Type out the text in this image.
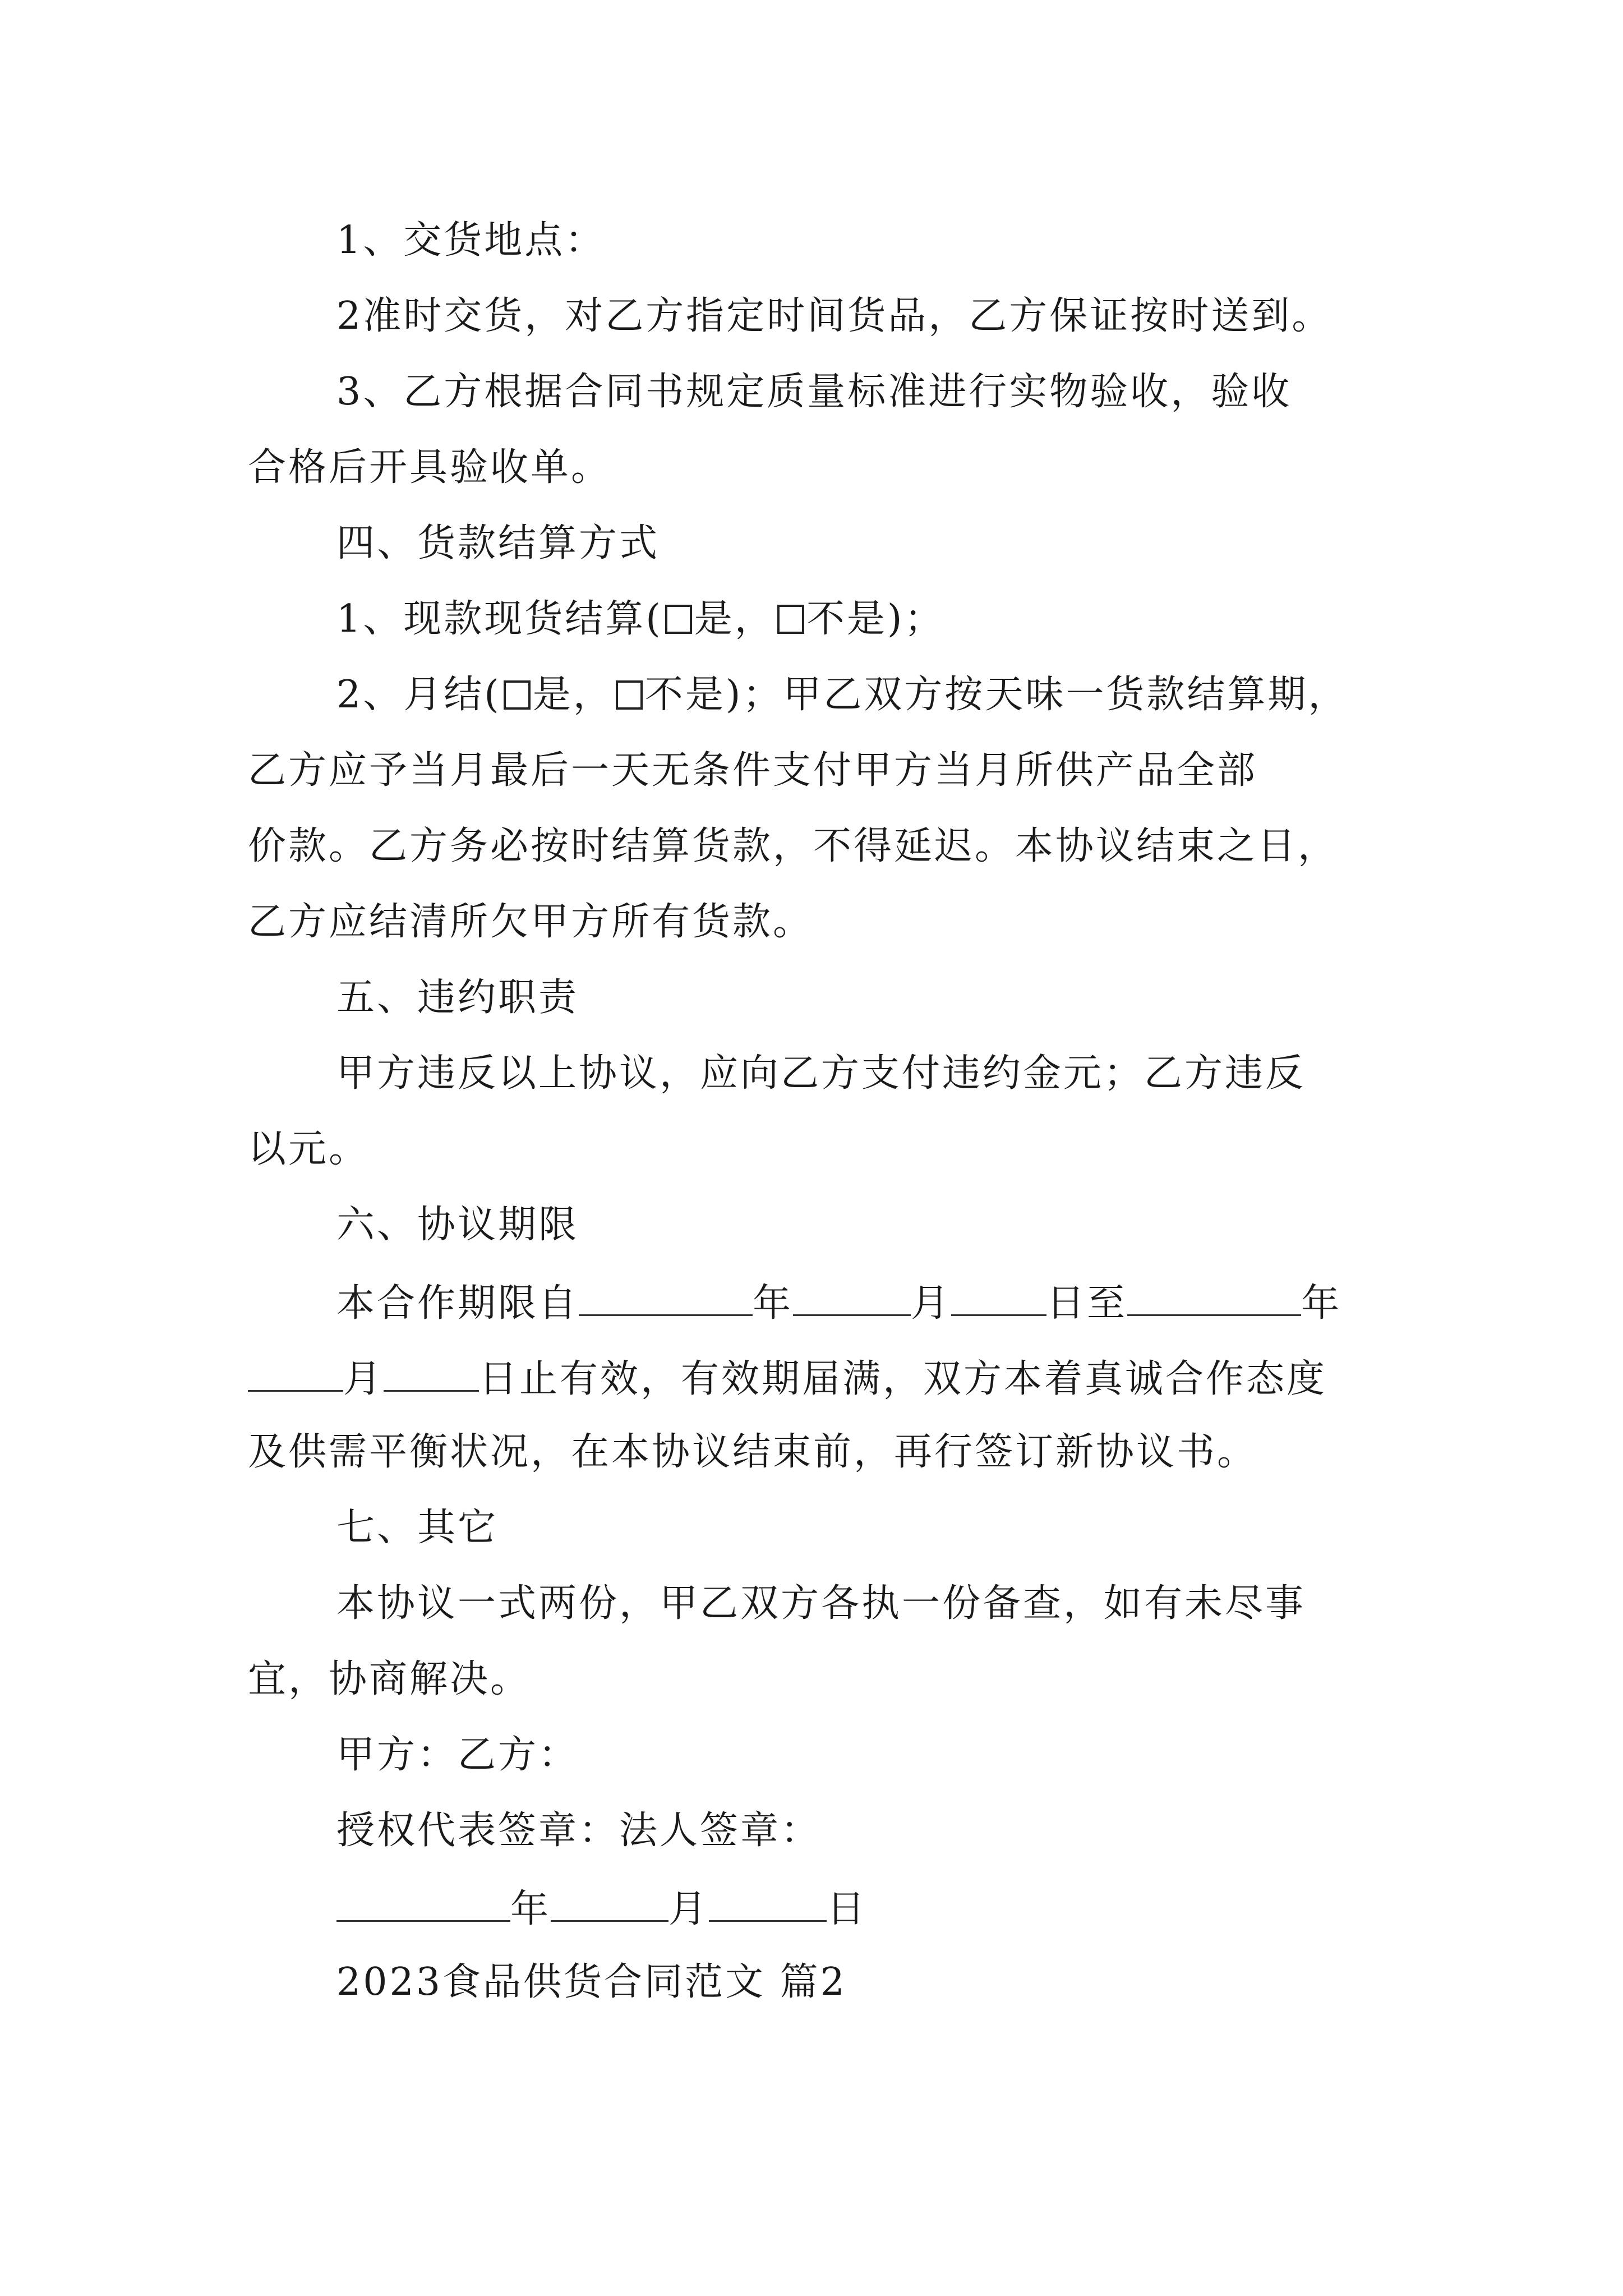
1、交货地点：
2准时交货，对乙方指定时间货品，乙方保证按时送到。
3、乙方根据合同书规定质量标准进行实物验收，验收
合格后开具验收单。
四、货款结算方式
1、现款现货结算( 是， 不是)；
2、月结( 是， 不是)；甲乙双方按天味一货款结算期，
乙方应予当月最后一天无条件支付甲方当月所供产品全部
价款。乙方务必按时结算货款，不得延迟。本协议结束之日，
乙方应结清所欠甲方所有货款。
五、违约职责
甲方违反以上协议，应向乙方支付违约金元；乙方违反
以元。
六、协议期限
本合作期限自	年	月	日至	年
月	日止有效，有效期届满，双方本着真诚合作态度
及供需平衡状况，在本协议结束前，再行签订新协议书。
七、其它
本协议一式两份，甲乙双方各执一份备查，如有未尽事
宜，协商解决。
甲方：乙方：
授权代表签章：法人签章：
年	月	日
2023食品供货合同范文 篇2
